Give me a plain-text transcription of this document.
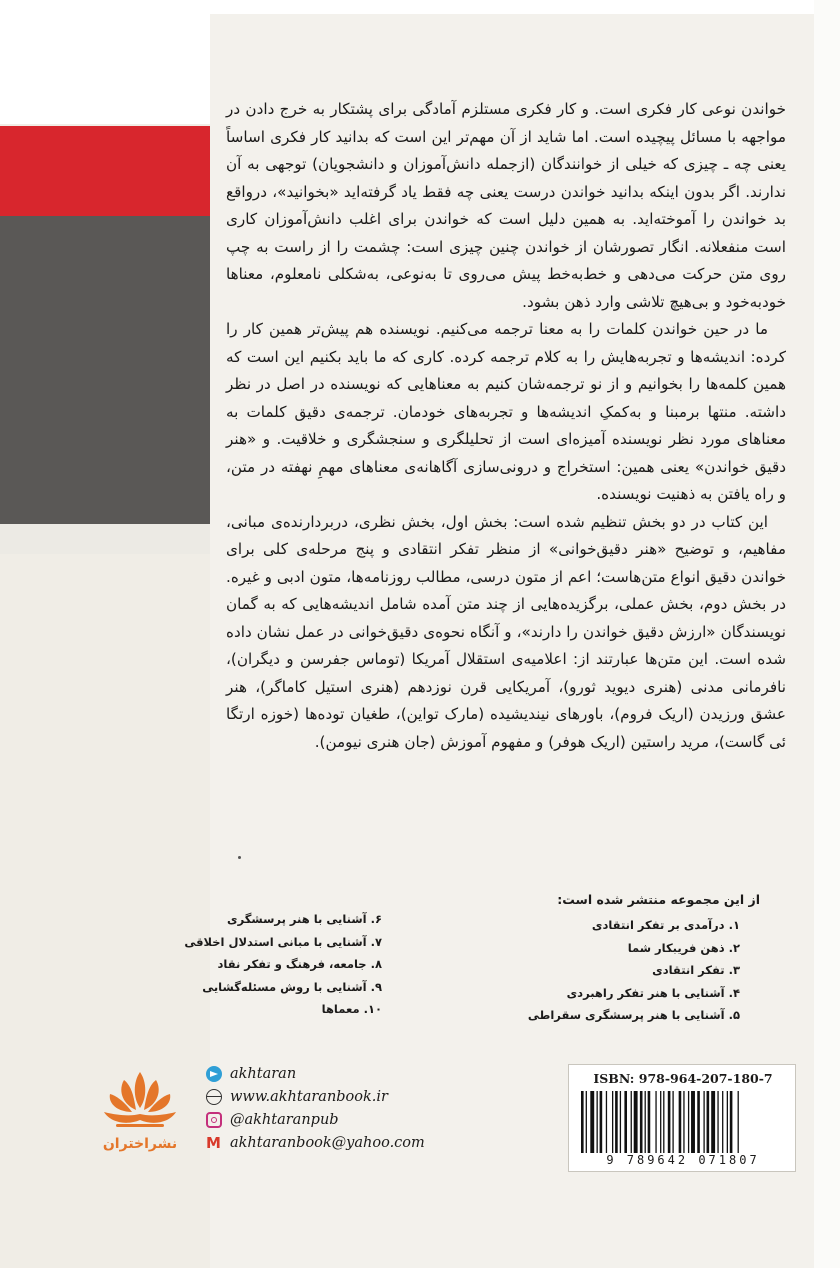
خواندن نوعی کار فکری است. و کار فکری مستلزم آمادگی برای پشتکار به خرج دادن در مواجهه با مسائل پیچیده است. اما شاید از آن مهم‌تر این است که بدانید کار فکری اساساً یعنی چه ـ چیزی که خیلی از خوانندگان (ازجمله دانش‌آموزان و دانشجویان) توجهی به آن ندارند. اگر بدون اینکه بدانید خواندن درست یعنی چه فقط یاد گرفته‌اید «بخوانید»، درواقع بد خواندن را آموخته‌اید. به همین دلیل است که خواندن برای اغلب دانش‌آموزان کاری است منفعلانه. انگار تصورشان از خواندن چنین چیزی است: چشمت را از راست به چپ روی متن حرکت می‌دهی و خط‌به‌خط پیش می‌روی تا به‌نوعی، به‌شکلی نامعلوم، معناها خودبه‌خود و بی‌هیچ تلاشی وارد ذهن بشود.

ما در حین خواندن کلمات را به معنا ترجمه می‌کنیم. نویسنده هم پیش‌تر همین کار را کرده: اندیشه‌ها و تجربه‌هایش را به کلام ترجمه کرده. کاری که ما باید بکنیم این است که همین کلمه‌ها را بخوانیم و از نو ترجمه‌شان کنیم به معناهایی که نویسنده در اصل در نظر داشته. منتها برمبنا و به‌کمکِ اندیشه‌ها و تجربه‌های خودمان. ترجمه‌ی دقیق کلمات به معناهای مورد نظر نویسنده آمیزه‌ای است از تحلیلگری و سنجشگری و خلاقیت. و «هنر دقیق خواندن» یعنی همین: استخراج و درونی‌سازی آگاهانه‌ی معناهای مهمِ نهفته در متن، و راه یافتن به ذهنیت نویسنده.

این کتاب در دو بخش تنظیم شده است: بخش اول، بخش نظری، دربردارنده‌ی مبانی، مفاهیم، و توضیح «هنر دقیق‌خوانی» از منظر تفکر انتقادی و پنج مرحله‌ی کلی برای خواندن دقیق انواع متن‌هاست؛ اعم از متون درسی، مطالب روزنامه‌ها، متون ادبی و غیره. در بخش دوم، بخش عملی، برگزیده‌هایی از چند متن آمده شامل اندیشه‌هایی که به گمان نویسندگان «ارزش دقیق خواندن را دارند»، و آنگاه نحوه‌ی دقیق‌خوانی در عمل نشان داده شده است. این متن‌ها عبارتند از: اعلامیه‌ی استقلال آمریکا (توماس جفرسن و دیگران)، نافرمانی مدنی (هنری دیوید ثورو)، آمریکایی قرن نوزدهم (هنری استیل کاماگر)، هنر عشق ورزیدن (اریک فروم)، باورهای نیندیشیده (مارک تواین)، طغیان توده‌ها (خوزه ارتگا ئی گاست)، مرید راستین (اریک هوفر) و مفهوم آموزش (جان هنری نیومن).

از این مجموعه منتشر شده است:
۱. درآمدی بر تفکر انتقادی
۲. ذهن فریبکار شما
۳. تفکر انتقادی
۴. آشنایی با هنر تفکر راهبردی
۵. آشنایی با هنر پرسشگری سقراطی
۶. آشنایی با هنر پرسشگری
۷. آشنایی با مبانی استدلال اخلاقی
۸. جامعه، فرهنگ و تفکر نقاد
۹. آشنایی با روش مسئله‌گشایی
۱۰. معماها
نشراختران
akhtaran
www.akhtaranbook.ir
@akhtaranpub
M akhtaranbook@yahoo.com
ISBN: 978-964-207-180-7
9 789642 071807
